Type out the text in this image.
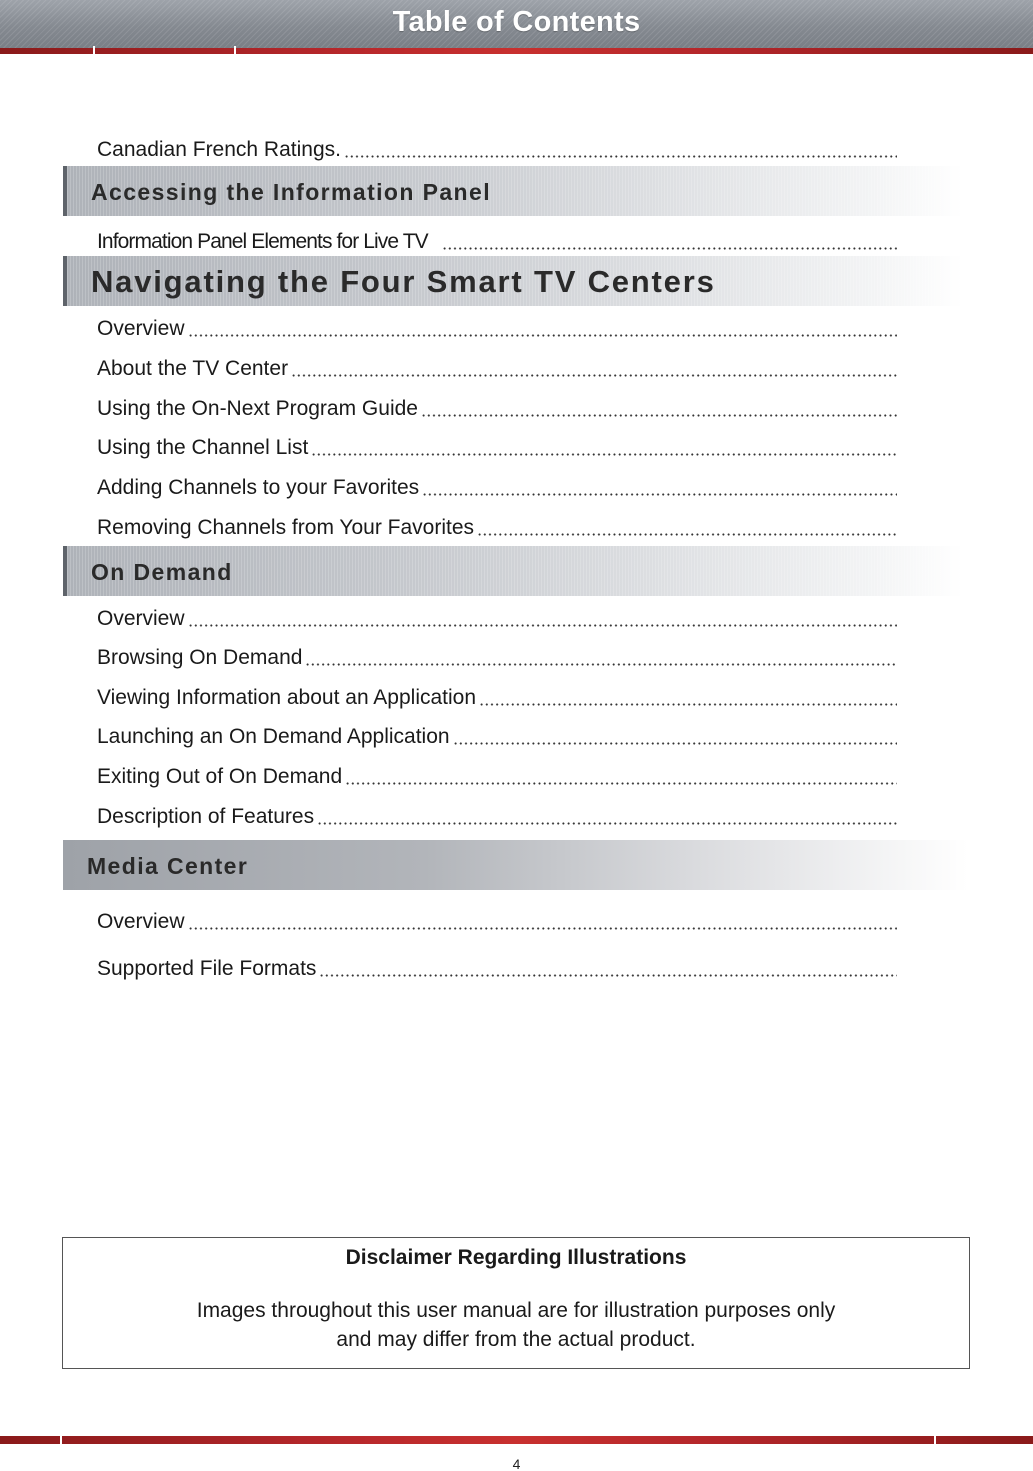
Table of Contents
Canadian French Ratings.
Accessing the Information Panel
Information Panel Elements for Live TV
Navigating the Four Smart TV Centers
Overview
About the TV Center
Using the On-Next Program Guide
Using the Channel List
Adding Channels to your Favorites
Removing Channels from Your Favorites
On Demand
Overview
Browsing On Demand
Viewing Information about an Application
Launching an On Demand Application
Exiting Out of On Demand
Description of Features
Media Center
Overview
Supported File Formats
Disclaimer Regarding Illustrations
Images throughout this user manual are for illustration purposes only
and may differ from the actual product.
4
